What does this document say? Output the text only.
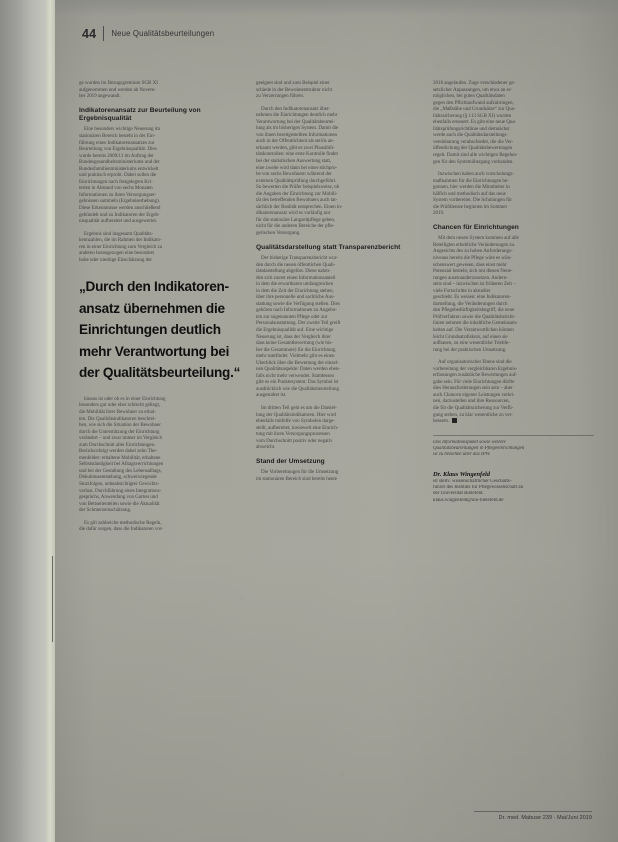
44 Neue Qualitätsbeurteilungen
ge wurden im Bezugsgremium SGB XI
aufgenommen und werden ab Novem-
ber 2019 angewandt.
Indikatorenansatz zur Beurteilung von Ergebnisqualität
Eine besonders wichtige Neuerung im
stationären Bereich besteht in der Ein-
führung eines Indikatorenansatzes zur
Beurteilung von Ergebnisqualität. Dies
wurde bereits 2009/11 im Auftrag der
Bundesgesundheitsministeriums und der
Bundesfamilienministeriums entwickelt
und praktisch erprobt. Dabei sollen die
Einrichtungen nach festgelegten Kri-
terien in Abstand von sechs Monaten
Informationen zu ihren Versorgungser-
gebnissen sammeln (Ergebniserhebung).
Diese Erkenntnisse werden anschließend
gebündelt und zu Indikatoren der Ergeb-
nisqualität aufbereitet und ausgewertet.
Ergebnis sind insgesamt Qualitäts-
kennzahlen, die im Rahmen der Indikato-
ren in einer Einrichtung zum Vergleich zu
anderen herangezogen eine besonders
hohe oder niedrige Einschätzung der
„Durch den Indikatoren-
ansatz übernehmen die
Einrichtungen deutlich
mehr Verantwortung bei
der Qualitätsbeurteilung.“
hinaus ist oder ob es in einer Einrichtung
besonders gut oder eher schlecht gelingt,
die Mobilität ihrer Bewohner zu erhal-
ten. Die Qualitätsindikatoren beschrei-
ben, wie sich die Situation der Bewohner
durch die Unterstützung der Einrichtung
verändert – und zwar immer im Vergleich
zum Durchschnitt aller Einrichtungen.
Berücksichtigt werden dabei zehn The-
menfelder: erhaltene Mobilität, erhaltene
Selbstständigkeit bei Alltagsverrichtungen
und bei der Gestaltung des Lebensalltags,
Dekubitusentstehung, schwerwiegende
Sturzfolgen, unbeabsichtigter Gewichts-
verlust, Durchführung eines Integrations-
gesprächs, Anwendung von Gurten und
von Bettseitenteilen sowie die Aktualität
der Schmerzeinschätzung.
Es gilt zahlreiche methodische Regeln,
die dafür sorgen, dass die Indikatoren vor-
geeignet sind und zum Beispiel einer
schiede in der Bewohnerstruktur nicht
zu Verzerrungen führen.
Durch den Indikatorenansatz über-
nehmen die Einrichtungen deutlich mehr
Verantwortung bei der Qualitätsbeurtei-
lung als im bisherigen System. Damit die
von ihnen bereitgestellten Informationen
auch in der Öffentlichkeit als seriös an-
erkannt werden, gibt es zwei Plausibili-
tätskontrollen: eine erste Kontrolle findet
bei der statistischen Auswertung statt,
eine zweite wird dann bei einer stichpro-
be von sechs Bewohnern während der
externen Qualitätsprüfung durchgeführt.
So bewerten die Prüfer beispielsweise, ob
die Angaben der Einrichtung zur Mobili-
tät des betreffenden Bewohners auch tat-
sächlich der Realität entsprechen. Einen in-
dikatorenansatz wird es vorläufig nur
für die stationäre Langzeitpflege geben,
nicht für die anderen Bereiche der pfle-
gerischen Versorgung.
Qualitätsdarstellung statt Transparenzbericht
Der bisherige Transparenzbericht wur-
den durch die neuen öffentlichen Quali-
tätsdarstellung abgelöst. Diese nahm-
den sich zuerst einen Informationsanteil
in dem die erwartbaren umfangreichen
in dem die Zeit der Einrichtung stehen,
über ihre personelle und sachliche Aus-
stattung sowie die Verfügung stellen. Dies
gehören nach Informationen zu Angebo-
ten zur sogenannten Pflege oder zur
Personalausstattung. Der zweite Teil greift
die Ergebnisqualität auf. Eine wichtige
Neuerung ist, dass der Vergleich ihrer
dass keine Gesamtbewertung (wie bis-
her die Gesamtnote) für die Einrichtung
mehr stattfindet. Vielmehr gibt es einen
Überblick über die Bewertung der einzel-
nen Qualitätsaspekte: Daten werden eben-
falls nicht mehr verwendet. Stattdessen
gibt es ein Punktesystem: Das Symbol ist
ausdrücklich wie die Qualitätsbeurteilung
ausgestaltet ist.
Im dritten Teil geht es um die Darstel-
lung der Qualitätsindikatoren. Hier wird
ebenfalls mithilfe von Symbolen darge-
stellt, aufbereitet, inwieweit eine Einrich-
tung mit ihren Versorgungsprozessen
vom Durchschnitt positiv oder negativ
abweicht.
Stand der Umsetzung
Die Vorbereitungen für die Umsetzung
im stationären Bereich sind bereits heute
2018 angelaufen. Zuge verschiedener ge-
setzlicher Anpassungen, um etwa an er-
möglichen, bei guten Qualitätsdaten
gegen den Pflichtaufwand aufzubringen,
die „Maßstäbe und Grundsätze“ zur Qua-
litätssicherung (§ 113 SGB XI) wurden
ebenfalls erneuert. Es gibt eine neue Qua-
litätsprüfungsrichtlinie und demnächst
werde auch die Qualitätsdarstellungs-
vereinbarung verabschiedet, die die Ver-
öffentlichung der Qualitätsbewertungen
regelt. Damit sind alle wichtigen Regelun-
gen für den Systemübergang vorhanden.
Inzwischen haben auch vorschulungs-
maßnahmen für die Einrichtungen be-
gonnen, hier werden die Mitarbeiter in
hälfich und methodisch auf das neue
System vorbereitet. Die Schulungen für
die Prüfdienste beginnen im Sommer
2019.
Chancen für Einrichtungen
Mit dem neuen System kommen auf alle
Beteiligten erhebliche Veränderungen zu.
Angesichts des zu hohen Anforderungs-
niveaus bereits die Pflege wäre es wün-
schenswert gewesen, dass einst mehr
Potenzial besteht, sich mit diesen Neue-
rungen auseinanderzusetzen. Andern-
seits sind – inzwischen ist früheren Zeit –
viele Fortschritte in aktueller
geschieht. Es weisen: eine Indikatoren-
darstellung, die Veränderungen durch
den Pflegebedürftigkeitsbegriff, die neue
Prüfverfahren sowie die Qualitätsbericht-
linien nehmen die inhaltliche Gemeinsam-
keiten auf. Die Verantwortlichen können
leicht Grundsatzdiskurs, auf einen sie
aufbauen, zu eine wesentliche Triebfe-
rung bei der praktischen Umsetzung.
Auf organisatorischer Ebene sind die
vorbereitung der vergleichbaren Ergebnis-
erfassungen zusätzliche Bewertungen auf-
gabe sein. Für viele Einrichtungen dürfte
dies Herausforderungen sein sein – aber
auch Chancen eigener Leistungen verlei-
nen, darzustellen und ihre Ressourcen,
die für die Qualitätssicherung zur Verfü-
gung stehen, zu klar wesentliche zu ver-
bessern.
Das Informationspaket sowie weitere
Qualitätsbeurteilungen in Pflegeeinrichtungen
ist zu beziehen über das IPW.
Dr. Klaus Wingenfeld
ist stellv. wissenschaftlicher Geschäfts-
führer des Instituts für Pflegewissenschaft an
der Universität Bielefeld.
klaus.wingenfeld@uni-bielefeld.de
Dr. med. Mabuse 239 · Mai/Juni 2019
